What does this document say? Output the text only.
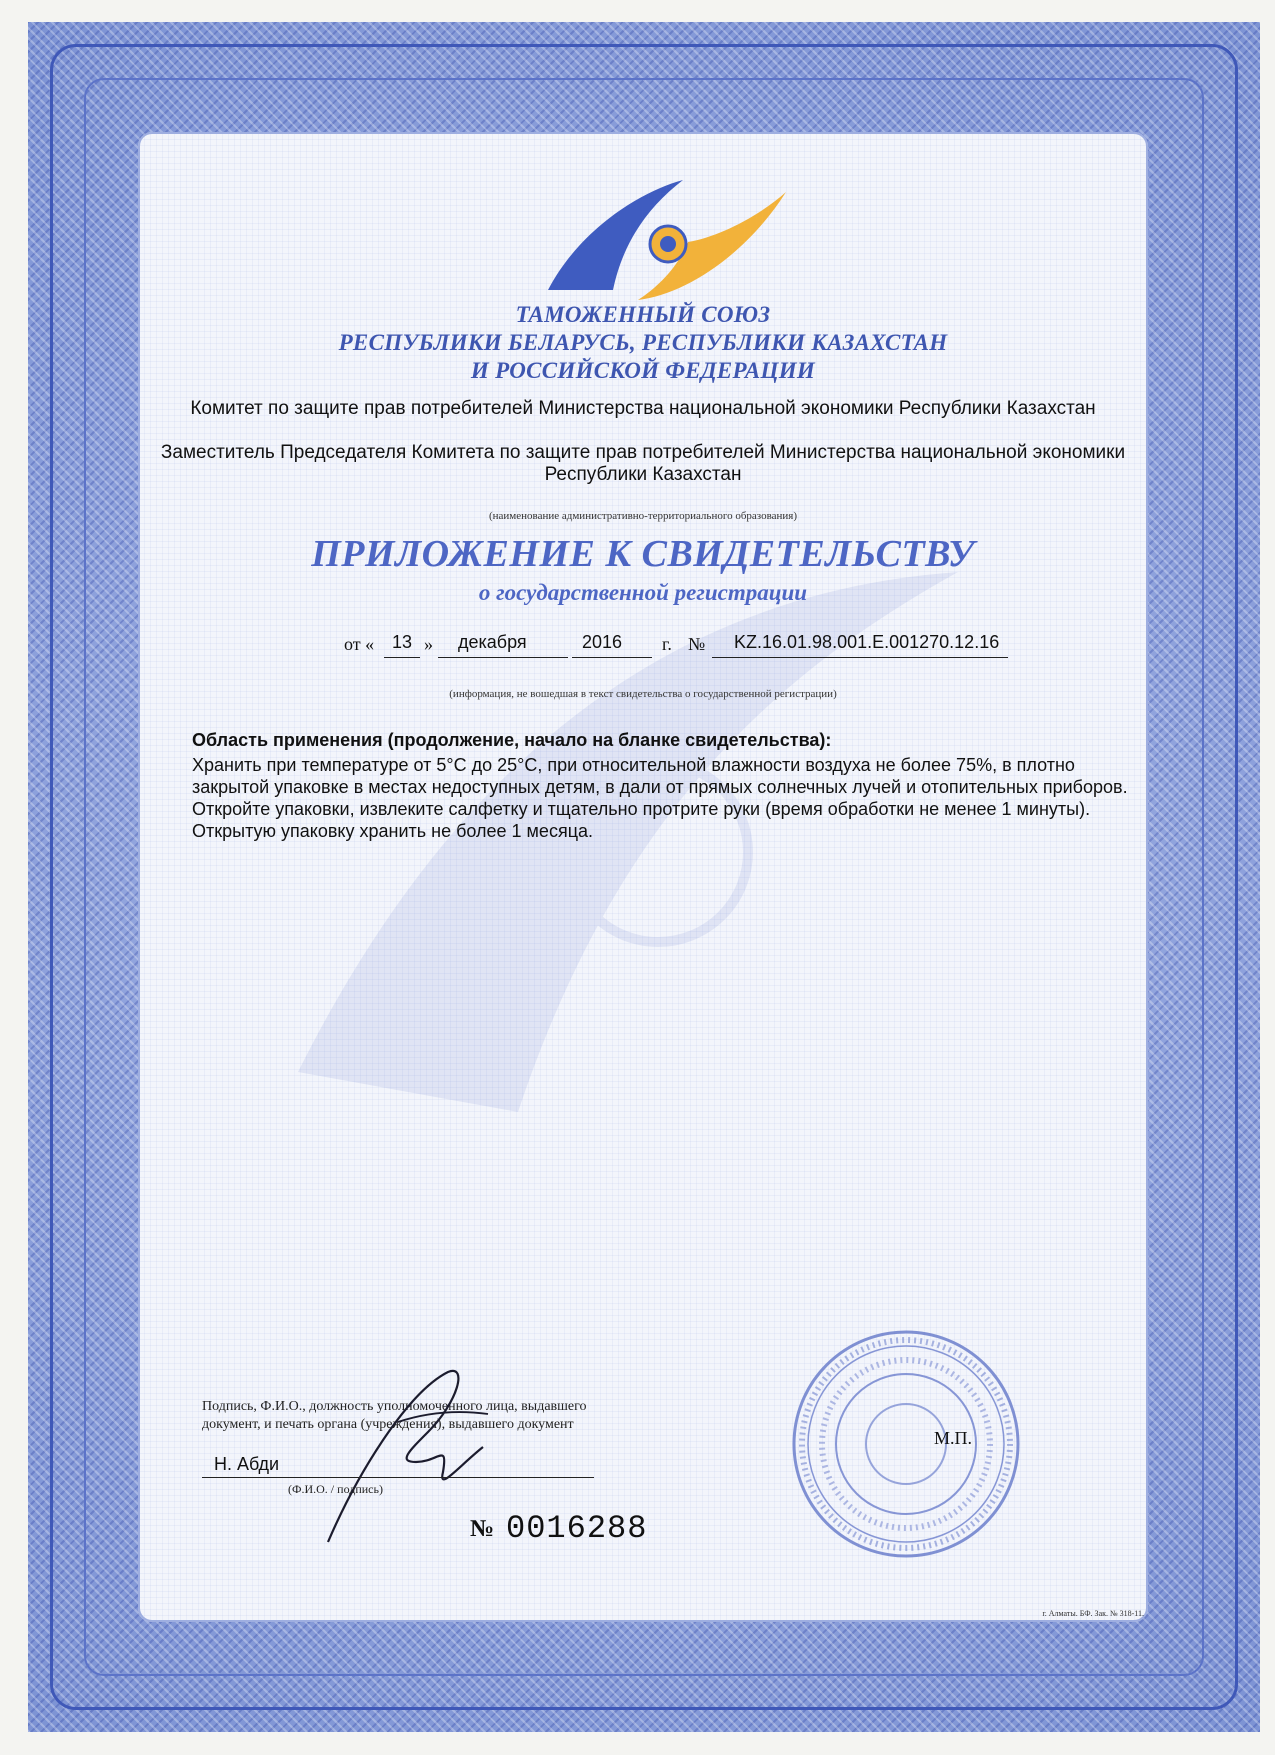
ТАМОЖЕННЫЙ СОЮЗ
РЕСПУБЛИКИ БЕЛАРУСЬ, РЕСПУБЛИКИ КАЗАХСТАН
И РОССИЙСКОЙ ФЕДЕРАЦИИ
Комитет по защите прав потребителей Министерства национальной экономики Республики Казахстан
Заместитель Председателя Комитета по защите прав потребителей Министерства национальной экономики Республики Казахстан
(наименование административно-территориального образования)
ПРИЛОЖЕНИЕ К СВИДЕТЕЛЬСТВУ
о государственной регистрации
от « 13 » декабря	2016 г. № KZ.16.01.98.001.E.001270.12.16
(информация, не вошедшая в текст свидетельства о государственной регистрации)
Область применения (продолжение, начало на бланке свидетельства):
Хранить при температуре от 5°С до 25°С, при относительной влажности воздуха не более 75%, в плотно закрытой упаковке в местах недоступных детям, в дали от прямых солнечных лучей и отопительных приборов. Откройте упаковки, извлеките салфетку и тщательно протрите руки (время обработки не менее 1 минуты). Открытую упаковку хранить не более 1 месяца.
Подпись, Ф.И.О., должность уполномоченного лица, выдавшего документ, и печать органа (учреждения), выдавшего документ
Н. Абди
(Ф.И.О. / подпись)
М.П.
№ 0016288
г. Алматы. БФ. Зак. № 318-11.
